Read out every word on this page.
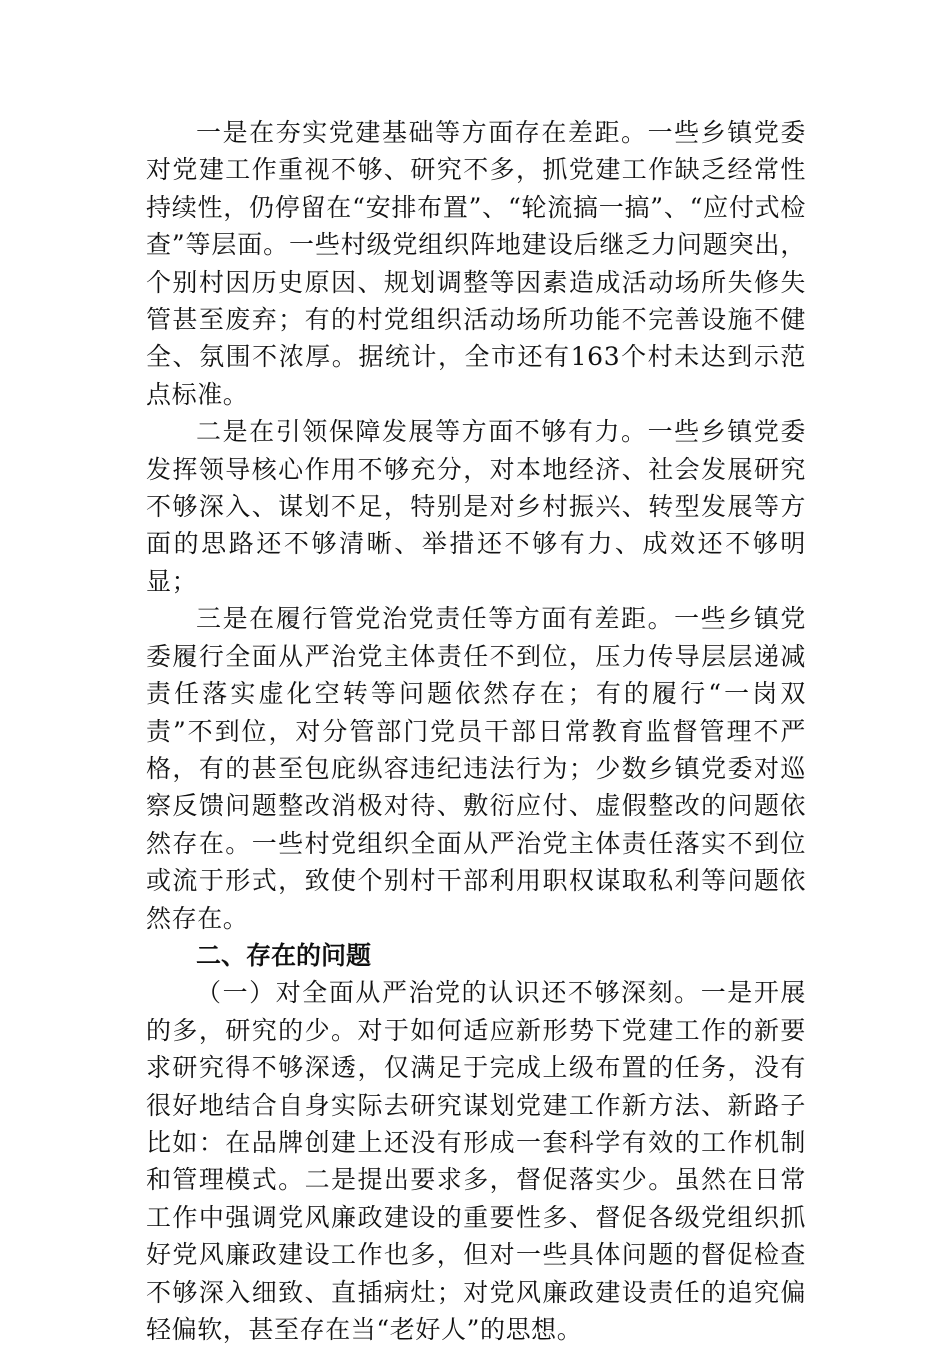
一是在夯实党建基础等方面存在差距。一些乡镇党委对党建工作重视不够、研究不多，抓党建工作缺乏经常性持续性，仍停留在“安排布置”、“轮流搞一搞”、“应付式检查”等层面。一些村级党组织阵地建设后继乏力问题突出，个别村因历史原因、规划调整等因素造成活动场所失修失管甚至废弃；有的村党组织活动场所功能不完善设施不健全、氛围不浓厚。据统计，全市还有163个村未达到示范点标准。

二是在引领保障发展等方面不够有力。一些乡镇党委发挥领导核心作用不够充分，对本地经济、社会发展研究不够深入、谋划不足，特别是对乡村振兴、转型发展等方面的思路还不够清晰、举措还不够有力、成效还不够明显；

三是在履行管党治党责任等方面有差距。一些乡镇党委履行全面从严治党主体责任不到位，压力传导层层递减责任落实虚化空转等问题依然存在；有的履行“一岗双责”不到位，对分管部门党员干部日常教育监督管理不严格，有的甚至包庇纵容违纪违法行为；少数乡镇党委对巡察反馈问题整改消极对待、敷衍应付、虚假整改的问题依然存在。一些村党组织全面从严治党主体责任落实不到位或流于形式，致使个别村干部利用职权谋取私利等问题依然存在。

二、存在的问题

（一）对全面从严治党的认识还不够深刻。一是开展的多，研究的少。对于如何适应新形势下党建工作的新要求研究得不够深透，仅满足于完成上级布置的任务，没有很好地结合自身实际去研究谋划党建工作新方法、新路子比如：在品牌创建上还没有形成一套科学有效的工作机制和管理模式。二是提出要求多，督促落实少。虽然在日常工作中强调党风廉政建设的重要性多、督促各级党组织抓好党风廉政建设工作也多，但对一些具体问题的督促检查不够深入细致、直插病灶；对党风廉政建设责任的追究偏轻偏软，甚至存在当“老好人”的思想。
